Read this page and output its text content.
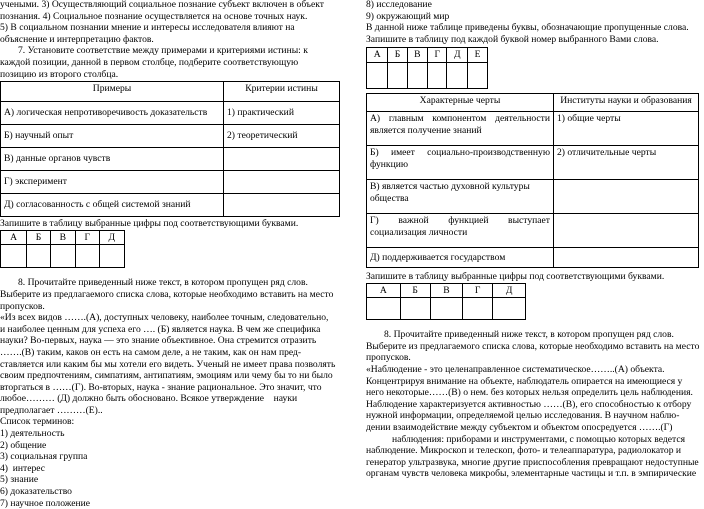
учеными. 3) Осуществляющий социальное познание субъект включен в объект

познания. 4) Социальное познание осуществляется на основе точных наук.

5) В социальном познании мнение и интересы исследователя влияют на

объяснение и интерпретацию фактов.

7. Установите соответствие между примерами и критериями истины: к

каждой позиции, данной в первом столбце, подберите соответствующую

позицию из второго столбца.

Примеры	Критерии истины
А) логическая непротиворечивость доказательств	1) практический
Б) научный опыт	2) теоретический
В) данные органов чувств	
Г) эксперимент	
Д) согласованность с общей системой знаний	

Запишите в таблицу выбранные цифры под соответствующими буквами.

А	Б	В	Г	Д

8. Прочитайте приведенный ниже текст, в котором пропущен ряд слов.

Выберите из предлагаемого списка слова, которые необходимо вставить на место

пропусков.

«Из всех видов …….(А), доступных человеку, наиболее точным, следовательно,

и наиболее ценным для успеха его …. (Б) является наука. В чем же специфика

науки? Во-первых, наука — это знание объективное. Она стремится отразить

…….(В) таким, каков он есть на самом деле, а не таким, как он нам пред-

ставляется или каким бы мы хотели его видеть. Ученый не имеет права позволять

своим предпочтениям, симпатиям, антипатиям, эмоциям или чему бы то ни было

вторгаться в ……(Г). Во-вторых, наука - знание рациональное. Это значит, что

любое……… (Д) должно быть обосновано. Всякое утверждение    науки

предполагает ………(Е)..

Список терминов:

1) деятельность

2) общение

3) социальная группа

4)  интерес

5) знание

6) доказательство

7) научное положение

8) исследование

9) окружающий мир

В данной ниже таблице приведены буквы, обозначающие пропущенные слова.

Запишите в таблицу под каждой буквой номер выбранного Вами слова.

А	Б	В	Г	Д	Е

Характерные черты	Институты науки и образования
А) главным компонентом деятельности является получение знаний	1) общие черты
Б) имеет социально-производственную функцию	2) отличительные черты
В) является частью духовной культуры общества	
Г) важной функцией выступает социализация личности	
Д) поддерживается государством	

Запишите в таблицу выбранные цифры под соответствующими буквами.

А	Б	В	Г	Д

8. Прочитайте приведенный ниже текст, в котором пропущен ряд слов.

Выберите из предлагаемого списка слова, которые необходимо вставить на место

пропусков.

«Наблюдение - это целенаправленное систематическое……..(А) объекта.

Концентрируя внимание на объекте, наблюдатель опирается на имеющиеся у

него некоторые……(В) о нем. без которых нельзя определить цель наблюдения.

Наблюдение характеризуется активностью ……(В), его способностью к отбору

нужной информации, определяемой целью исследования. В научном наблю-

дении взаимодействие между субъектом и объектом опосредуется …….(Г)

наблюдения: приборами и инструментами, с помощью которых ведется

наблюдение. Микроскоп и телескоп, фото- и телеаппаратура, радиолокатор и

генератор ультразвука, многие другие приспособления превращают недоступные

органам чувств человека микробы, элементарные частицы и т.п. в эмпирические
